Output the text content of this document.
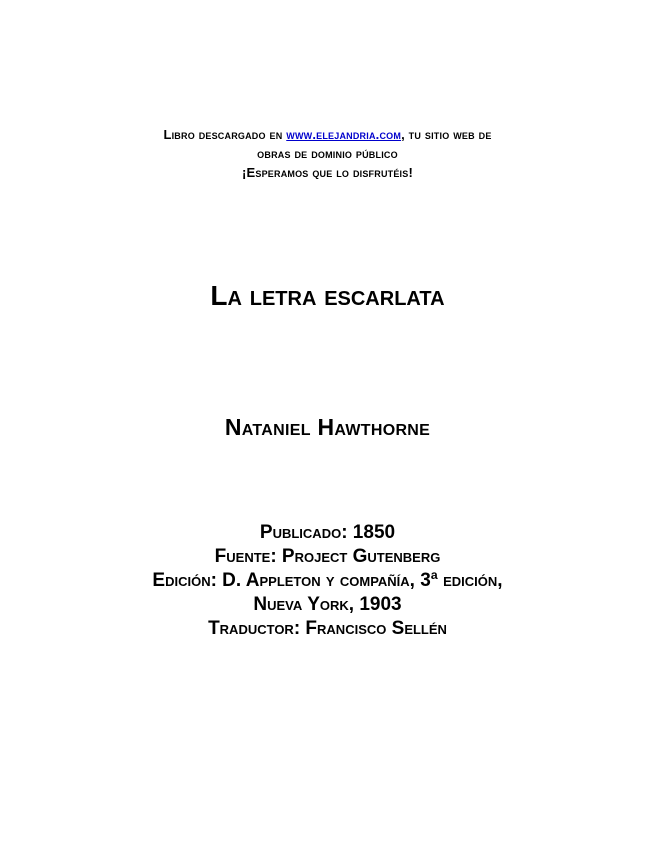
Libro descargado en www.elejandria.com, tu sitio web de
obras de dominio público
¡Esperamos que lo disfrutéis!
La letra escarlata
Nataniel Hawthorne
Publicado: 1850
Fuente: Project Gutenberg
Edición: D. Appleton y compañía, 3ª edición,
Nueva York, 1903
Traductor: Francisco Sellén
